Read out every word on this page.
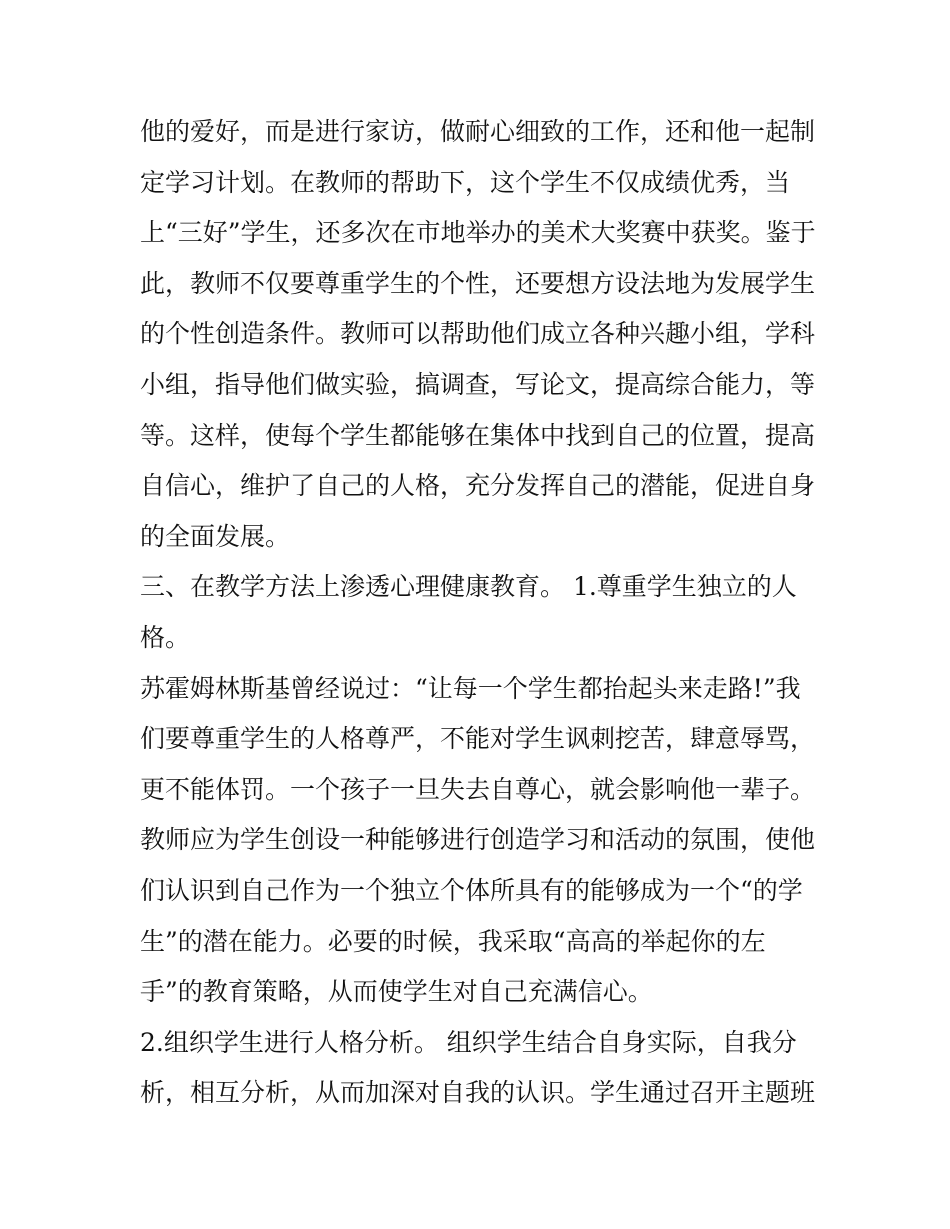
他的爱好，而是进行家访，做耐心细致的工作，还和他一起制
定学习计划。在教师的帮助下，这个学生不仅成绩优秀，当
上“三好”学生，还多次在市地举办的美术大奖赛中获奖。鉴于
此，教师不仅要尊重学生的个性，还要想方设法地为发展学生
的个性创造条件。教师可以帮助他们成立各种兴趣小组，学科
小组，指导他们做实验，搞调查，写论文，提高综合能力，等
等。这样，使每个学生都能够在集体中找到自己的位置，提高
自信心，维护了自己的人格，充分发挥自己的潜能，促进自身
的全面发展。
三、在教学方法上渗透心理健康教育。 1.尊重学生独立的人
格。
苏霍姆林斯基曾经说过：“让每一个学生都抬起头来走路!”我
们要尊重学生的人格尊严，不能对学生讽刺挖苦，肆意辱骂，
更不能体罚。一个孩子一旦失去自尊心，就会影响他一辈子。
教师应为学生创设一种能够进行创造学习和活动的氛围，使他
们认识到自己作为一个独立个体所具有的能够成为一个“的学
生”的潜在能力。必要的时候，我采取“高高的举起你的左
手”的教育策略，从而使学生对自己充满信心。
2.组织学生进行人格分析。 组织学生结合自身实际，自我分
析，相互分析，从而加深对自我的认识。学生通过召开主题班
